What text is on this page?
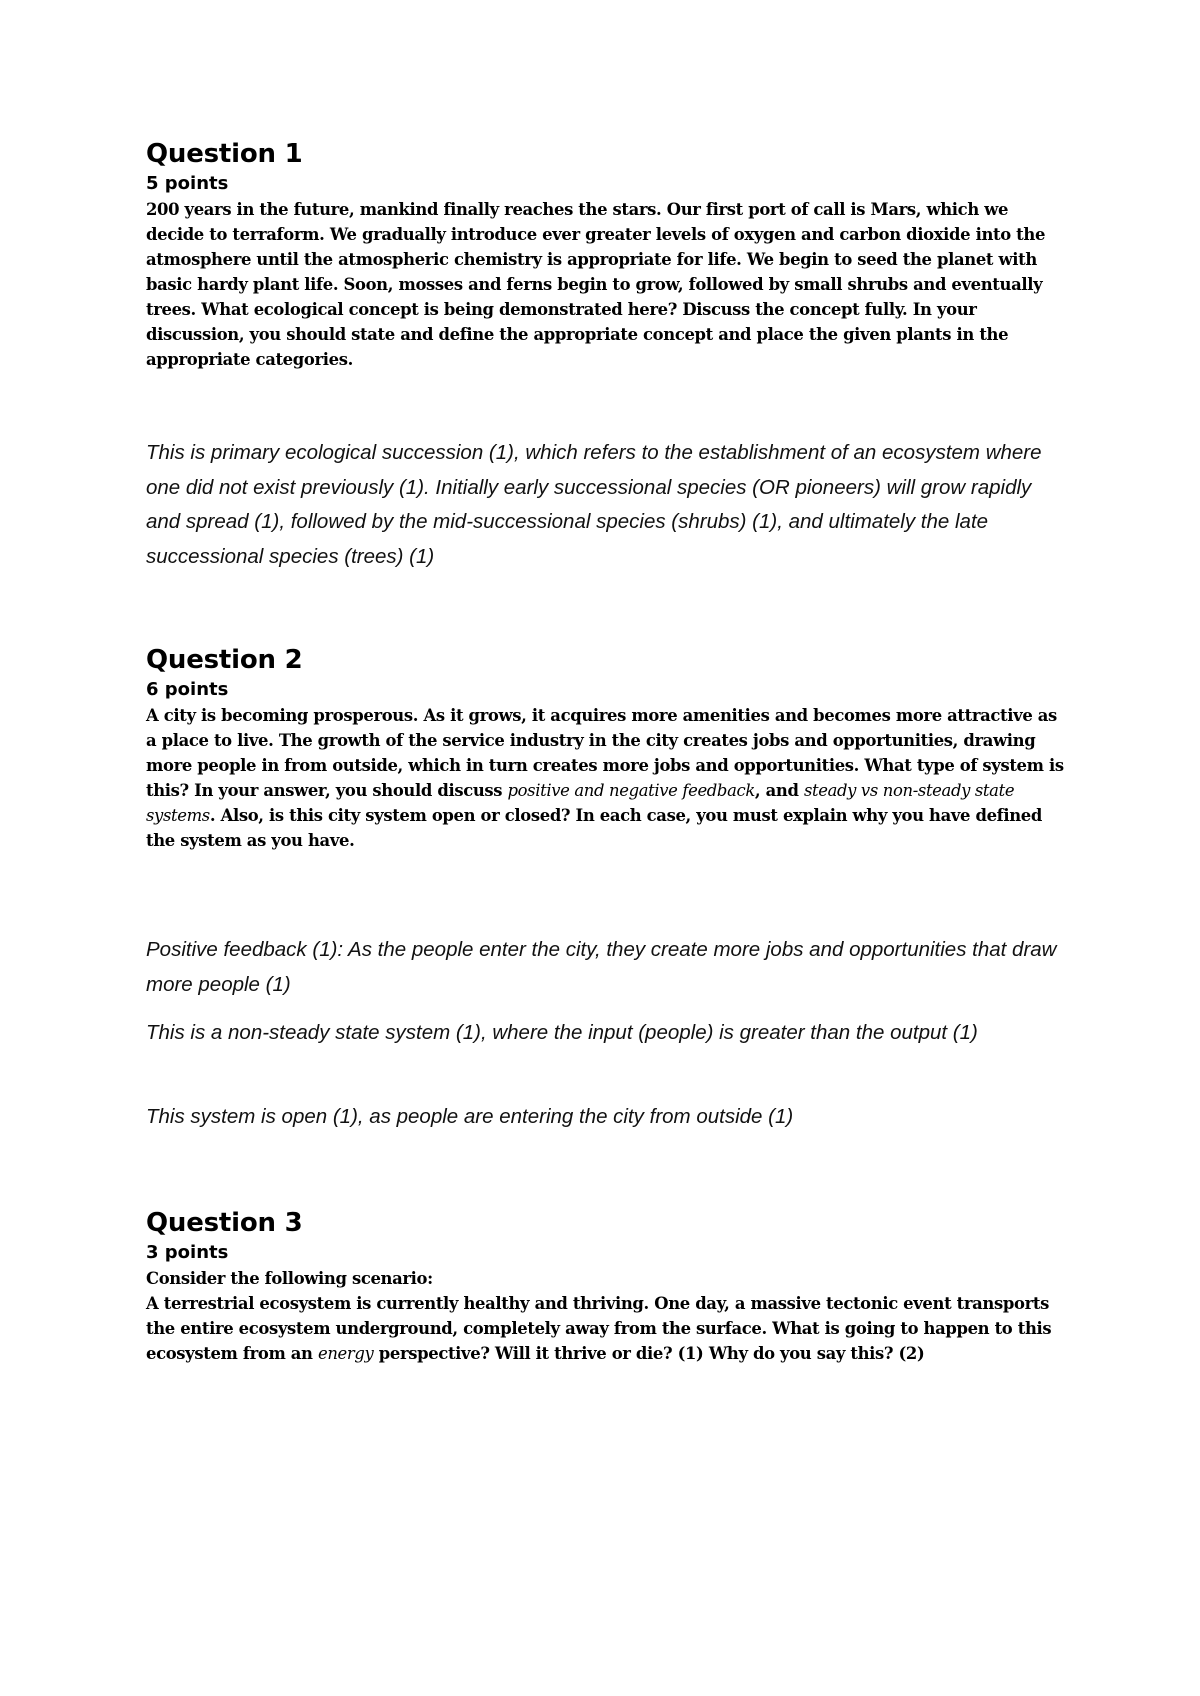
Question 1
5 points

200 years in the future, mankind finally reaches the stars. Our first port of call is Mars, which we decide to terraform. We gradually introduce ever greater levels of oxygen and carbon dioxide into the atmosphere until the atmospheric chemistry is appropriate for life. We begin to seed the planet with basic hardy plant life. Soon, mosses and ferns begin to grow, followed by small shrubs and eventually trees. What ecological concept is being demonstrated here? Discuss the concept fully. In your discussion, you should state and define the appropriate concept and place the given plants in the appropriate categories.

This is primary ecological succession (1), which refers to the establishment of an ecosystem where one did not exist previously (1). Initially early successional species (OR pioneers) will grow rapidly and spread (1), followed by the mid-successional species (shrubs) (1), and ultimately the late successional species (trees) (1)

Question 2
6 points

A city is becoming prosperous. As it grows, it acquires more amenities and becomes more attractive as a place to live. The growth of the service industry in the city creates jobs and opportunities, drawing more people in from outside, which in turn creates more jobs and opportunities. What type of system is this? In your answer, you should discuss positive and negative feedback, and steady vs non-steady state systems. Also, is this city system open or closed? In each case, you must explain why you have defined the system as you have.

Positive feedback (1): As the people enter the city, they create more jobs and opportunities that draw more people (1)

This is a non-steady state system (1), where the input (people) is greater than the output (1)

This system is open (1), as people are entering the city from outside (1)

Question 3
3 points

Consider the following scenario:

A terrestrial ecosystem is currently healthy and thriving. One day, a massive tectonic event transports the entire ecosystem underground, completely away from the surface. What is going to happen to this ecosystem from an energy perspective? Will it thrive or die? (1) Why do you say this? (2)
